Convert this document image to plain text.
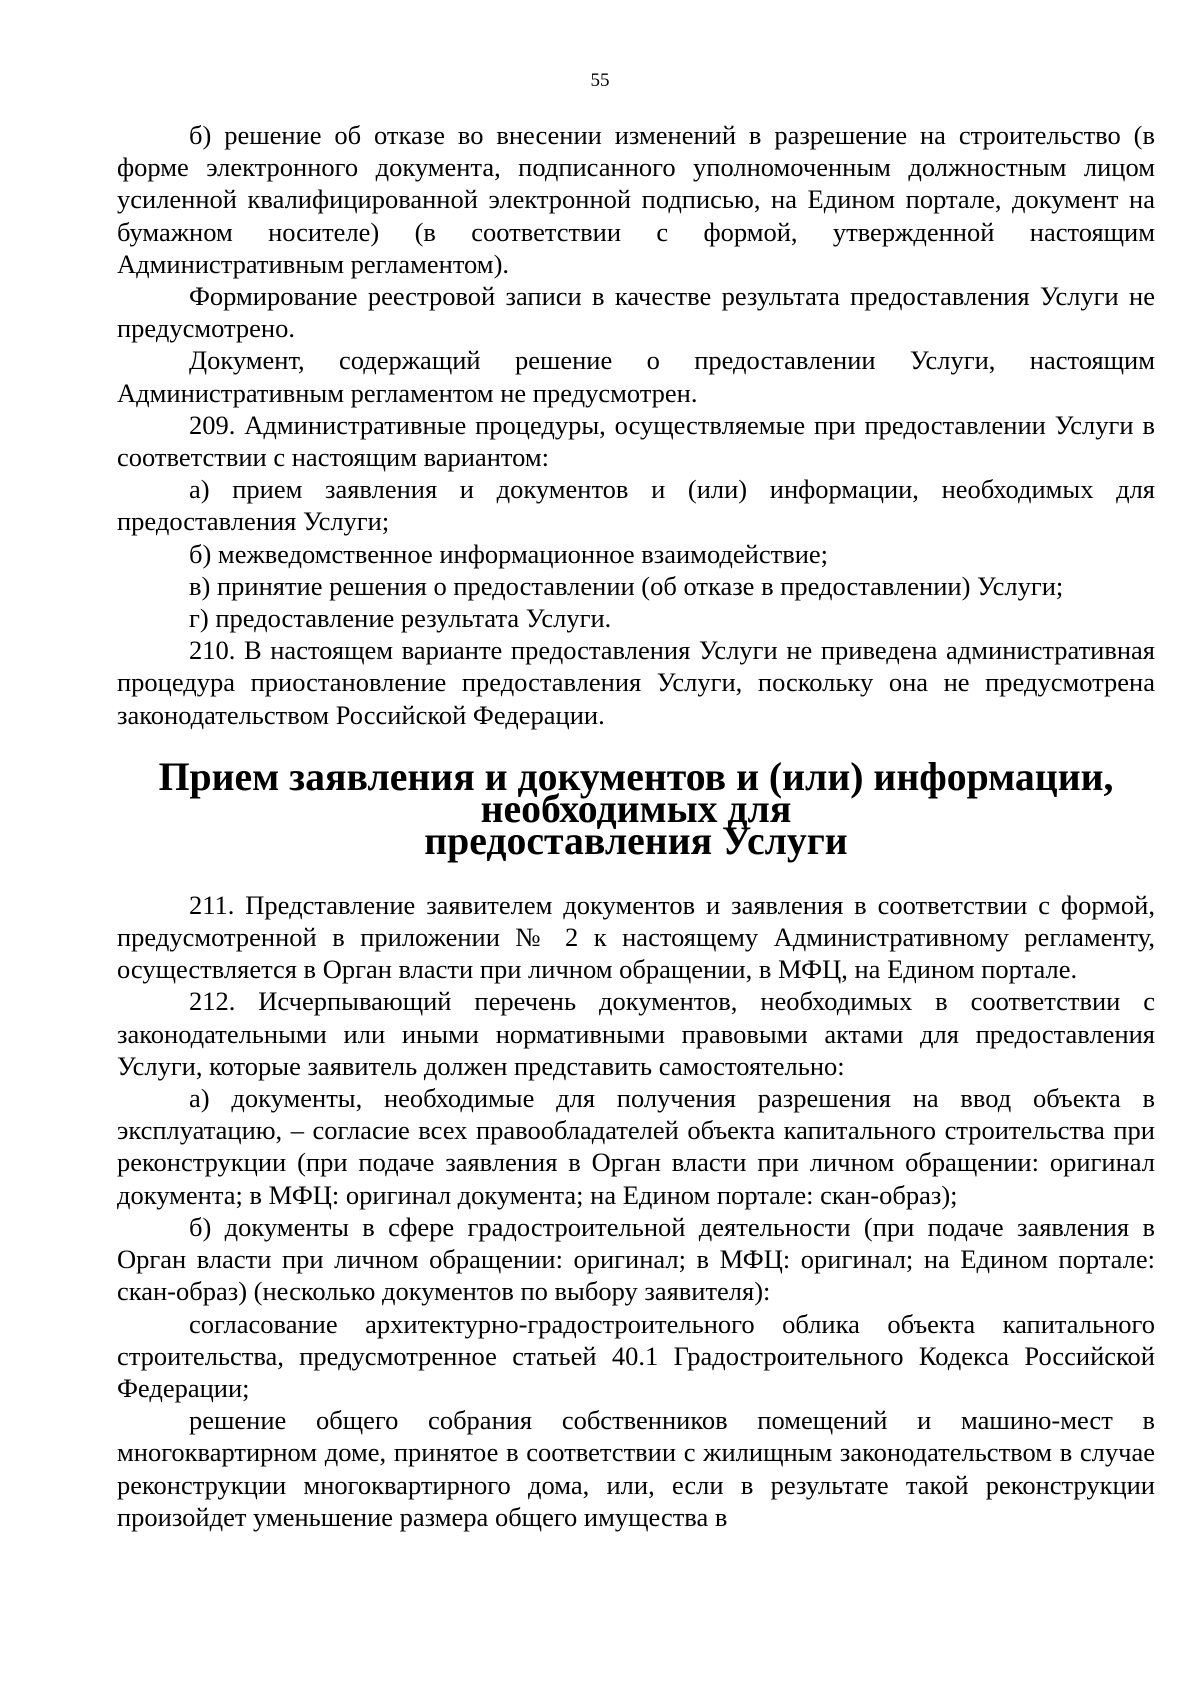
55

б) решение об отказе во внесении изменений в разрешение на строительство (в форме электронного документа, подписанного уполномоченным должностным лицом усиленной квалифицированной электронной подписью, на Едином портале, документ на бумажном носителе) (в соответствии с формой, утвержденной настоящим Административным регламентом).

Формирование реестровой записи в качестве результата предоставления Услуги не предусмотрено.

Документ, содержащий решение о предоставлении Услуги, настоящим Административным регламентом не предусмотрен.

209. Административные процедуры, осуществляемые при предоставлении Услуги в соответствии с настоящим вариантом:

а) прием заявления и документов и (или) информации, необходимых для предоставления Услуги;

б) межведомственное информационное взаимодействие;

в) принятие решения о предоставлении (об отказе в предоставлении) Услуги;

г) предоставление результата Услуги.

210. В настоящем варианте предоставления Услуги не приведена административная процедура приостановление предоставления Услуги, поскольку она не предусмотрена законодательством Российской Федерации.

Прием заявления и документов и (или) информации, необходимых для
предоставления Услуги

211. Представление заявителем документов и заявления в соответствии с формой, предусмотренной в приложении № 2 к настоящему Административному регламенту, осуществляется в Орган власти при личном обращении, в МФЦ, на Едином портале.

212. Исчерпывающий перечень документов, необходимых в соответствии с законодательными или иными нормативными правовыми актами для предоставления Услуги, которые заявитель должен представить самостоятельно:

а) документы, необходимые для получения разрешения на ввод объекта в эксплуатацию, – согласие всех правообладателей объекта капитального строительства при реконструкции (при подаче заявления в Орган власти при личном обращении: оригинал документа; в МФЦ: оригинал документа; на Едином портале: скан-образ);

б) документы в сфере градостроительной деятельности (при подаче заявления в Орган власти при личном обращении: оригинал; в МФЦ: оригинал; на Едином портале: скан-образ) (несколько документов по выбору заявителя):

согласование архитектурно-градостроительного облика объекта капитального строительства, предусмотренное статьей 40.1 Градостроительного Кодекса Российской Федерации;

решение общего собрания собственников помещений и машино-мест в многоквартирном доме, принятое в соответствии с жилищным законодательством в случае реконструкции многоквартирного дома, или, если в результате такой реконструкции произойдет уменьшение размера общего имущества в
